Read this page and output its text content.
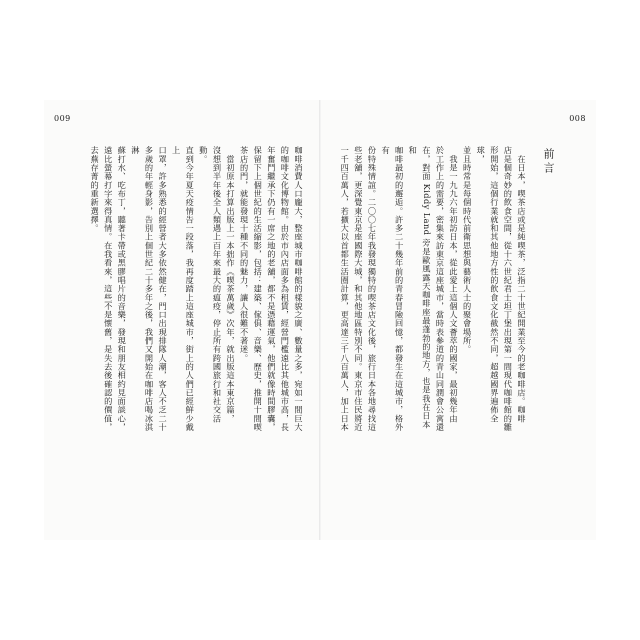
009
咖啡消費人口龐大，整座城市咖啡館的樣貌之廣、數量之多，宛如一間巨大
的咖啡文化博物館。由於市內店面多為租賃，經營門檻遠比其他城市高，長
年奮鬥繼承下仍有一席之地的老舖，都不是憑藉運氣，他們就像時間膠囊，
保留下上個世紀的生活縮影，包括：建築、傢俱、音樂、歷史，推開十間喫
茶店的門，就能發現十種不同的魅力，讓人很難不著迷。
　當初原本打算出版上一本拙作《喫茶萬歲》次年，就出版這本東京篇，
沒想到半年後全人類遇上百年來最大的瘟疫，停止所有跨國旅行和社交活動。
直到今年夏天疫情告一段落，我再度踏上這座城市，街上的人們已經鮮少戴上
口罩，許多熟悉的經營者大多依然健在，門口出現排隊人潮，客人不乏二十
多歲的年輕身影，告別上個世紀二十多年之後，我們又開始在咖啡店喝冰淇淋
蘇打水、吃布丁，聽著卡帶或黑膠唱片的音樂，發現和朋友相約見面談心，
遠比螢幕打字來得真情。在我看來，這些不是懷舊，是失去後確認的價值，
去蕪存菁的重新選擇。
008
前言
　在日本，喫茶店或是純喫茶，泛指二十世紀開業至今的老咖啡店。咖啡
店是個奇妙的飲食空間，從十六世紀君士坦丁堡出現第一間現代咖啡館的雛
形開始，這個行業就和其他地方性的飲食文化截然不同，超越國界遍佈全球，
並且時常是每個時代前衛思想與藝術人士的聚會場所。
　我是一九九六年初訪日本，從此愛上這個人文薈萃的國家，最初幾年由
於工作上的需要，密集來訪東京這座城市，當時表參道的青山同潤會公寓還
在，對面 Kiddy Land 旁是歐風露天咖啡座最蓬勃的地方，也是我在日本和
咖啡最初的邂逅。許多二十幾年前的青春冒險回憶，都發生在這城市，格外有
份特殊情誼。二〇〇七年我發現獨特的喫茶店文化後，旅行日本各地尋找這
些老舖，更深覺東京是座國際大城，和其他地區特別不同。東京市住民將近
一千四百萬人，若擴大以首都生活圈計算，更高達三千八百萬人，加上日本
